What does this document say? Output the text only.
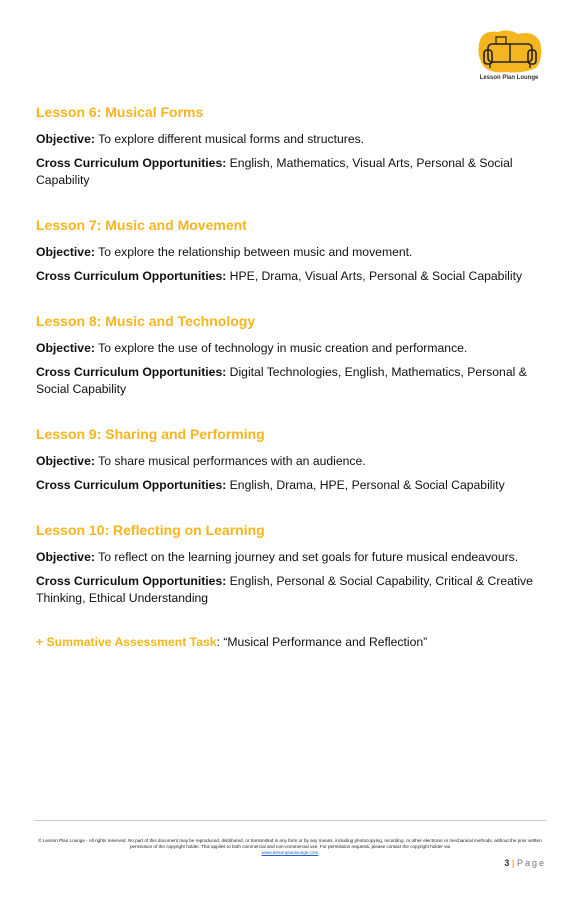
Lesson Plan Lounge

Lesson 6: Musical Forms

Objective: To explore different musical forms and structures.

Cross Curriculum Opportunities: English, Mathematics, Visual Arts, Personal & Social Capability

Lesson 7: Music and Movement

Objective: To explore the relationship between music and movement.

Cross Curriculum Opportunities: HPE, Drama, Visual Arts, Personal & Social Capability

Lesson 8: Music and Technology

Objective: To explore the use of technology in music creation and performance.

Cross Curriculum Opportunities: Digital Technologies, English, Mathematics, Personal & Social Capability

Lesson 9: Sharing and Performing

Objective: To share musical performances with an audience.

Cross Curriculum Opportunities: English, Drama, HPE, Personal & Social Capability

Lesson 10: Reflecting on Learning

Objective: To reflect on the learning journey and set goals for future musical endeavours.

Cross Curriculum Opportunities: English, Personal & Social Capability, Critical & Creative Thinking, Ethical Understanding

+ Summative Assessment Task: “Musical Performance and Reflection”

© Lesson Plan Lounge - All rights reserved. No part of this document may be reproduced, distributed, or transmitted in any form or by any means, including photocopying, recording, or other electronic or mechanical methods, without the prior written permission of the copyright holder. This applies to both commercial and non-commercial use. For permission requests, please contact the copyright holder via
www.lessonplanlounge.com
3 | Page
